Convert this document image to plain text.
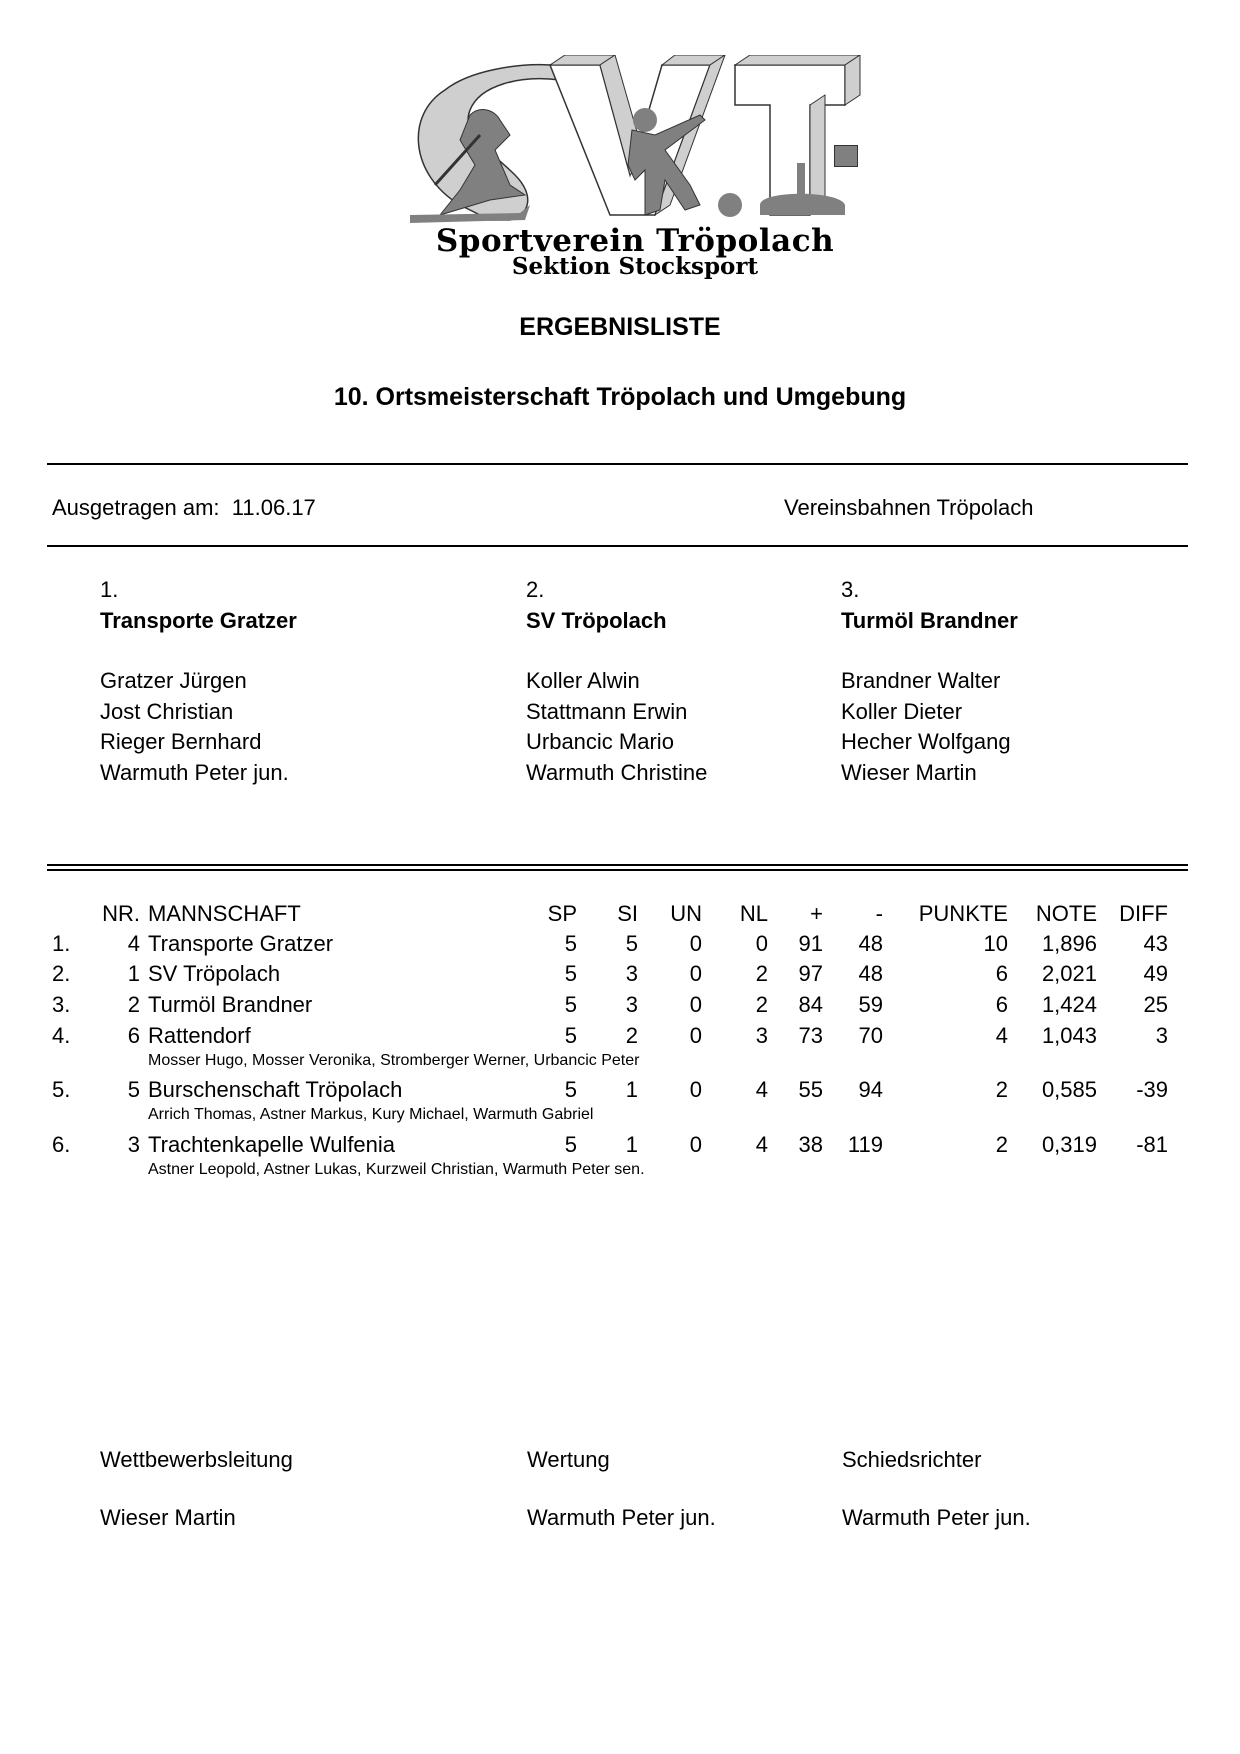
Sportverein Tröpolach
Sektion Stocksport
ERGEBNISLISTE
10. Ortsmeisterschaft Tröpolach und Umgebung
Ausgetragen am: 11.06.17	Vereinsbahnen Tröpolach
1.
Transporte Gratzer
Gratzer Jürgen
Jost Christian
Rieger Bernhard
Warmuth Peter jun.
2.
SV Tröpolach
Koller Alwin
Stattmann Erwin
Urbancic Mario
Warmuth Christine
3.
Turmöl Brandner
Brandner Walter
Koller Dieter
Hecher Wolfgang
Wieser Martin
NR. MANNSCHAFT	SP	SI	UN	NL	+	- PUNKTE	NOTE	DIFF
1.	4 Transporte Gratzer	5	5	0	0	91	48	10	1,896	43
2.	1 SV Tröpolach	5	3	0	2	97	48	6	2,021	49
3.	2 Turmöl Brandner	5	3	0	2	84	59	6	1,424	25
4.	6 Rattendorf	5	2	0	3	73	70	4	1,043	3
Mosser Hugo, Mosser Veronika, Stromberger Werner, Urbancic Peter
5.	5 Burschenschaft Tröpolach	5	1	0	4	55	94	2	0,585	-39
Arrich Thomas, Astner Markus, Kury Michael, Warmuth Gabriel
6.	3 Trachtenkapelle Wulfenia	5	1	0	4	38	119	2	0,319	-81
Astner Leopold, Astner Lukas, Kurzweil Christian, Warmuth Peter sen.
Wettbewerbsleitung	Wertung	Schiedsrichter
Wieser Martin	Warmuth Peter jun.	Warmuth Peter jun.
